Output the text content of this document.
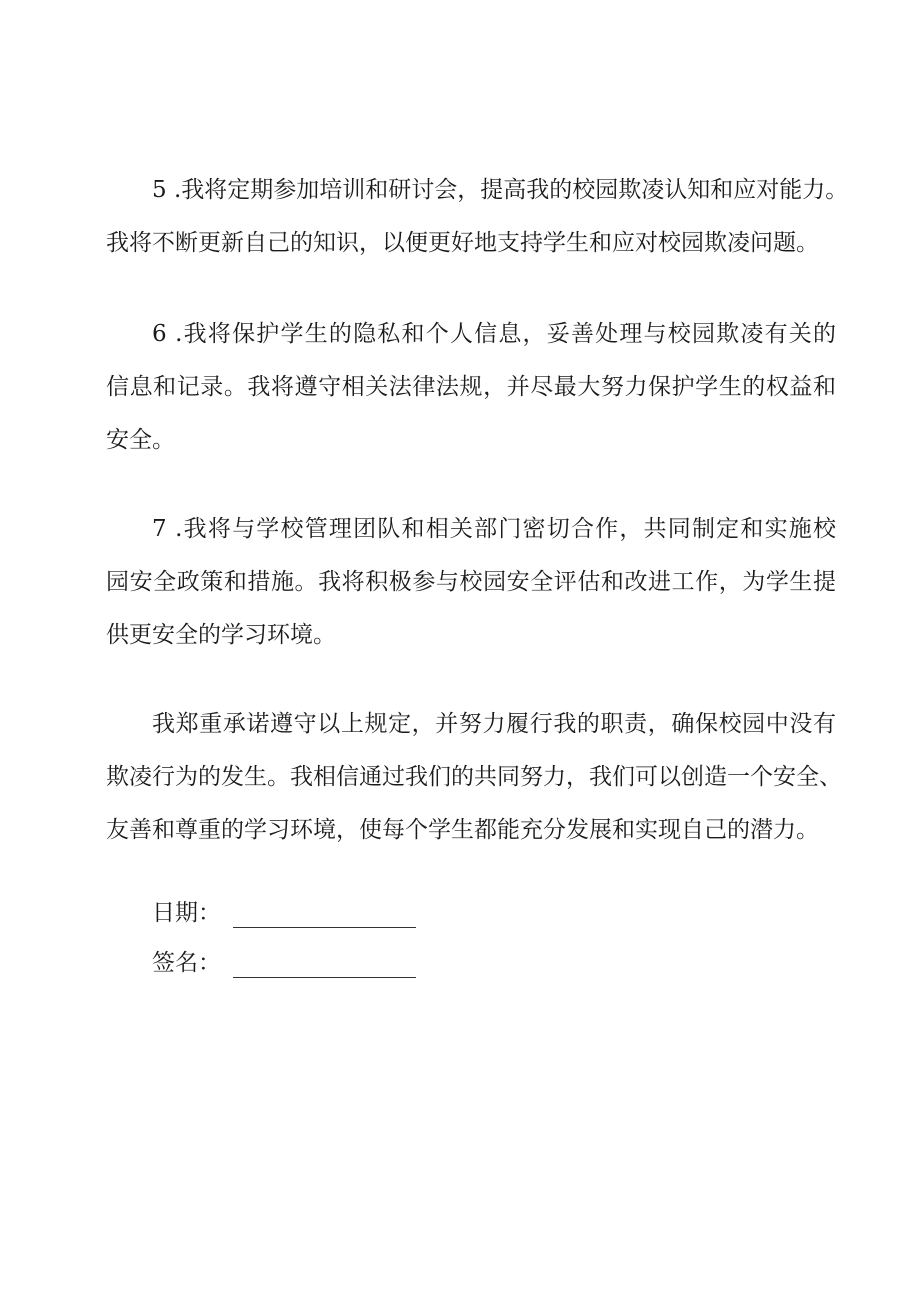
5 .我将定期参加培训和研讨会，提高我的校园欺凌认知和应对能力。
我将不断更新自己的知识，以便更好地支持学生和应对校园欺凌问题。
6 .我将保护学生的隐私和个人信息，妥善处理与校园欺凌有关的
信息和记录。我将遵守相关法律法规，并尽最大努力保护学生的权益和
安全。
7 .我将与学校管理团队和相关部门密切合作，共同制定和实施校
园安全政策和措施。我将积极参与校园安全评估和改进工作，为学生提
供更安全的学习环境。
我郑重承诺遵守以上规定，并努力履行我的职责，确保校园中没有
欺凌行为的发生。我相信通过我们的共同努力，我们可以创造一个安全、
友善和尊重的学习环境，使每个学生都能充分发展和实现自己的潜力。
日期：
签名：
